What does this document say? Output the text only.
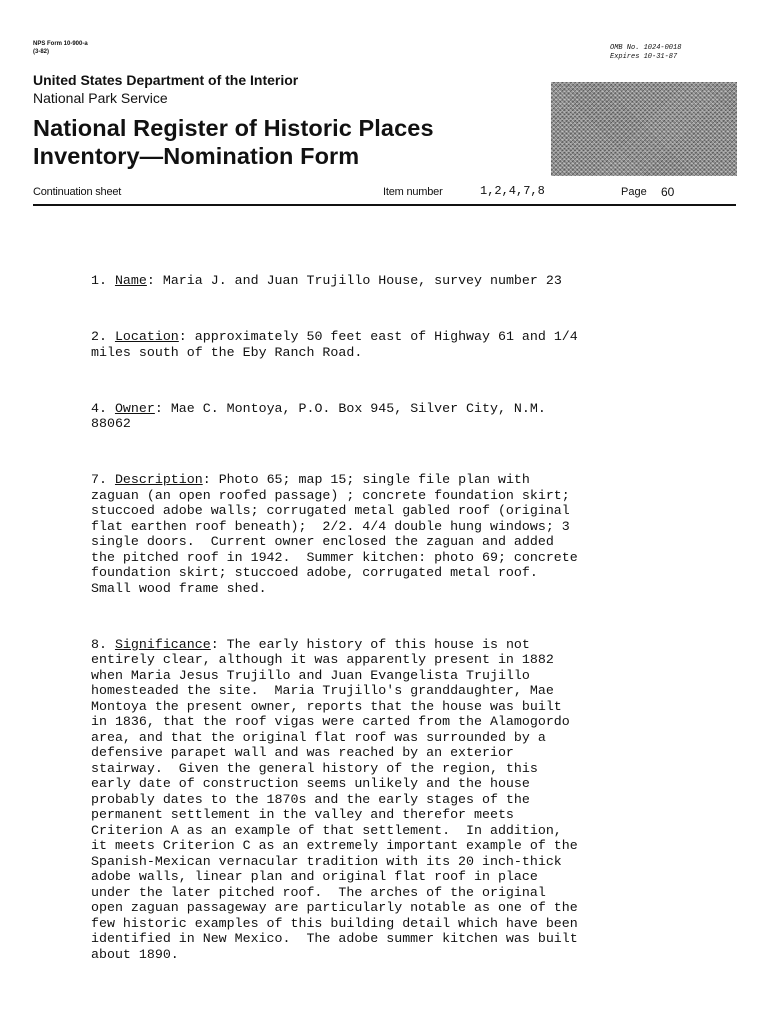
NPS Form 10-900-a
(3-82)	OMB No. 1024-0018
Expires 10-31-87
United States Department of the Interior
National Park Service
National Register of Historic Places
Inventory—Nomination Form
Continuation sheet	Item number	1,2,4,7,8	Page 60

1. Name: Maria J. and Juan Trujillo House, survey number 23

2. Location: approximately 50 feet east of Highway 61 and 1/4
miles south of the Eby Ranch Road.

4. Owner: Mae C. Montoya, P.O. Box 945, Silver City, N.M.
88062

7. Description: Photo 65; map 15; single file plan with
zaguan (an open roofed passage) ; concrete foundation skirt;
stuccoed adobe walls; corrugated metal gabled roof (original
flat earthen roof beneath);  2/2. 4/4 double hung windows; 3
single doors.  Current owner enclosed the zaguan and added
the pitched roof in 1942.  Summer kitchen: photo 69; concrete
foundation skirt; stuccoed adobe, corrugated metal roof.
Small wood frame shed.

8. Significance: The early history of this house is not
entirely clear, although it was apparently present in 1882
when Maria Jesus Trujillo and Juan Evangelista Trujillo
homesteaded the site.  Maria Trujillo's granddaughter, Mae
Montoya the present owner, reports that the house was built
in 1836, that the roof vigas were carted from the Alamogordo
area, and that the original flat roof was surrounded by a
defensive parapet wall and was reached by an exterior
stairway.  Given the general history of the region, this
early date of construction seems unlikely and the house
probably dates to the 1870s and the early stages of the
permanent settlement in the valley and therefor meets
Criterion A as an example of that settlement.  In addition,
it meets Criterion C as an extremely important example of the
Spanish-Mexican vernacular tradition with its 20 inch-thick
adobe walls, linear plan and original flat roof in place
under the later pitched roof.  The arches of the original
open zaguan passageway are particularly notable as one of the
few historic examples of this building detail which have been
identified in New Mexico.  The adobe summer kitchen was built
about 1890.
